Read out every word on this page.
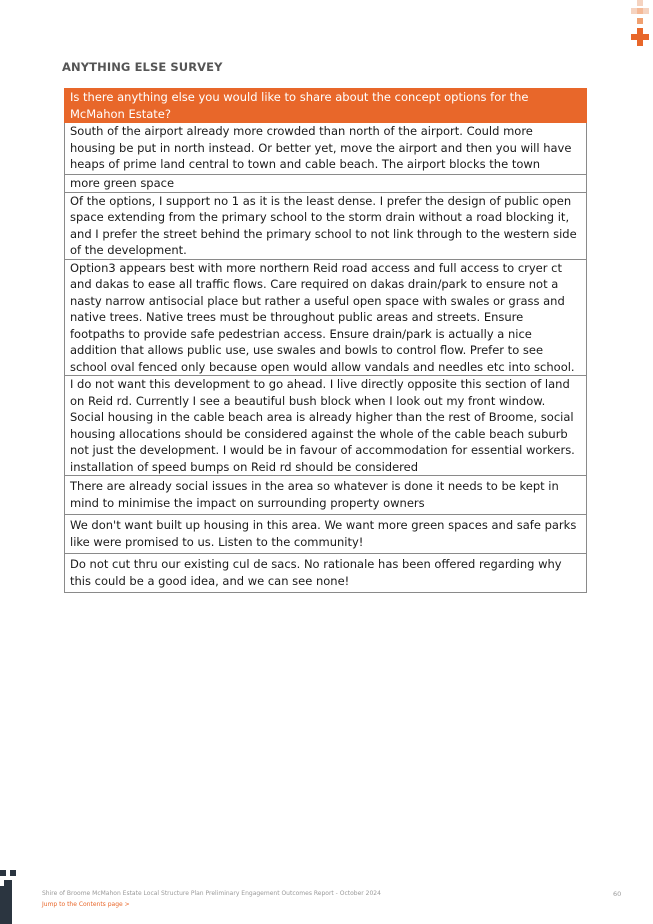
ANYTHING ELSE SURVEY
Is there anything else you would like to share about the concept options for the McMahon Estate?
South of the airport already more crowded than north of the airport. Could more housing be put in north instead. Or better yet, move the airport and then you will have heaps of prime land central to town and cable beach. The airport blocks the town
more green space
Of the options, I support no 1 as it is the least dense. I prefer the design of public open space extending from the primary school to the storm drain without a road blocking it, and I prefer the street behind the primary school to not link through to the western side of the development.
Option3 appears best with more northern Reid road access and full access to cryer ct and dakas to ease all traffic flows. Care required on dakas drain/park to ensure not a nasty narrow antisocial place but rather a useful open space with swales or grass and native trees. Native trees must be throughout public areas and streets. Ensure footpaths to provide safe pedestrian access. Ensure drain/park is actually a nice addition that allows public use, use swales and bowls to control flow. Prefer to see school oval fenced only because open would allow vandals and needles etc into school.
I do not want this development to go ahead. I live directly opposite this section of land on Reid rd. Currently I see a beautiful bush block when I look out my front window. Social housing in the cable beach area is already higher than the rest of Broome, social housing allocations should be considered against the whole of the cable beach suburb not just the development. I would be in favour of accommodation for essential workers. installation of speed bumps on Reid rd should be considered
There are already social issues in the area so whatever is done it needs to be kept in mind to minimise the impact on surrounding property owners
We don't want built up housing in this area. We want more green spaces and safe parks like were promised to us. Listen to the community!
Do not cut thru our existing cul de sacs. No rationale has been offered regarding why this could be a good idea, and we can see none!
Shire of Broome McMahon Estate Local Structure Plan Preliminary Engagement Outcomes Report - October 2024
Jump to the Contents page >
60
